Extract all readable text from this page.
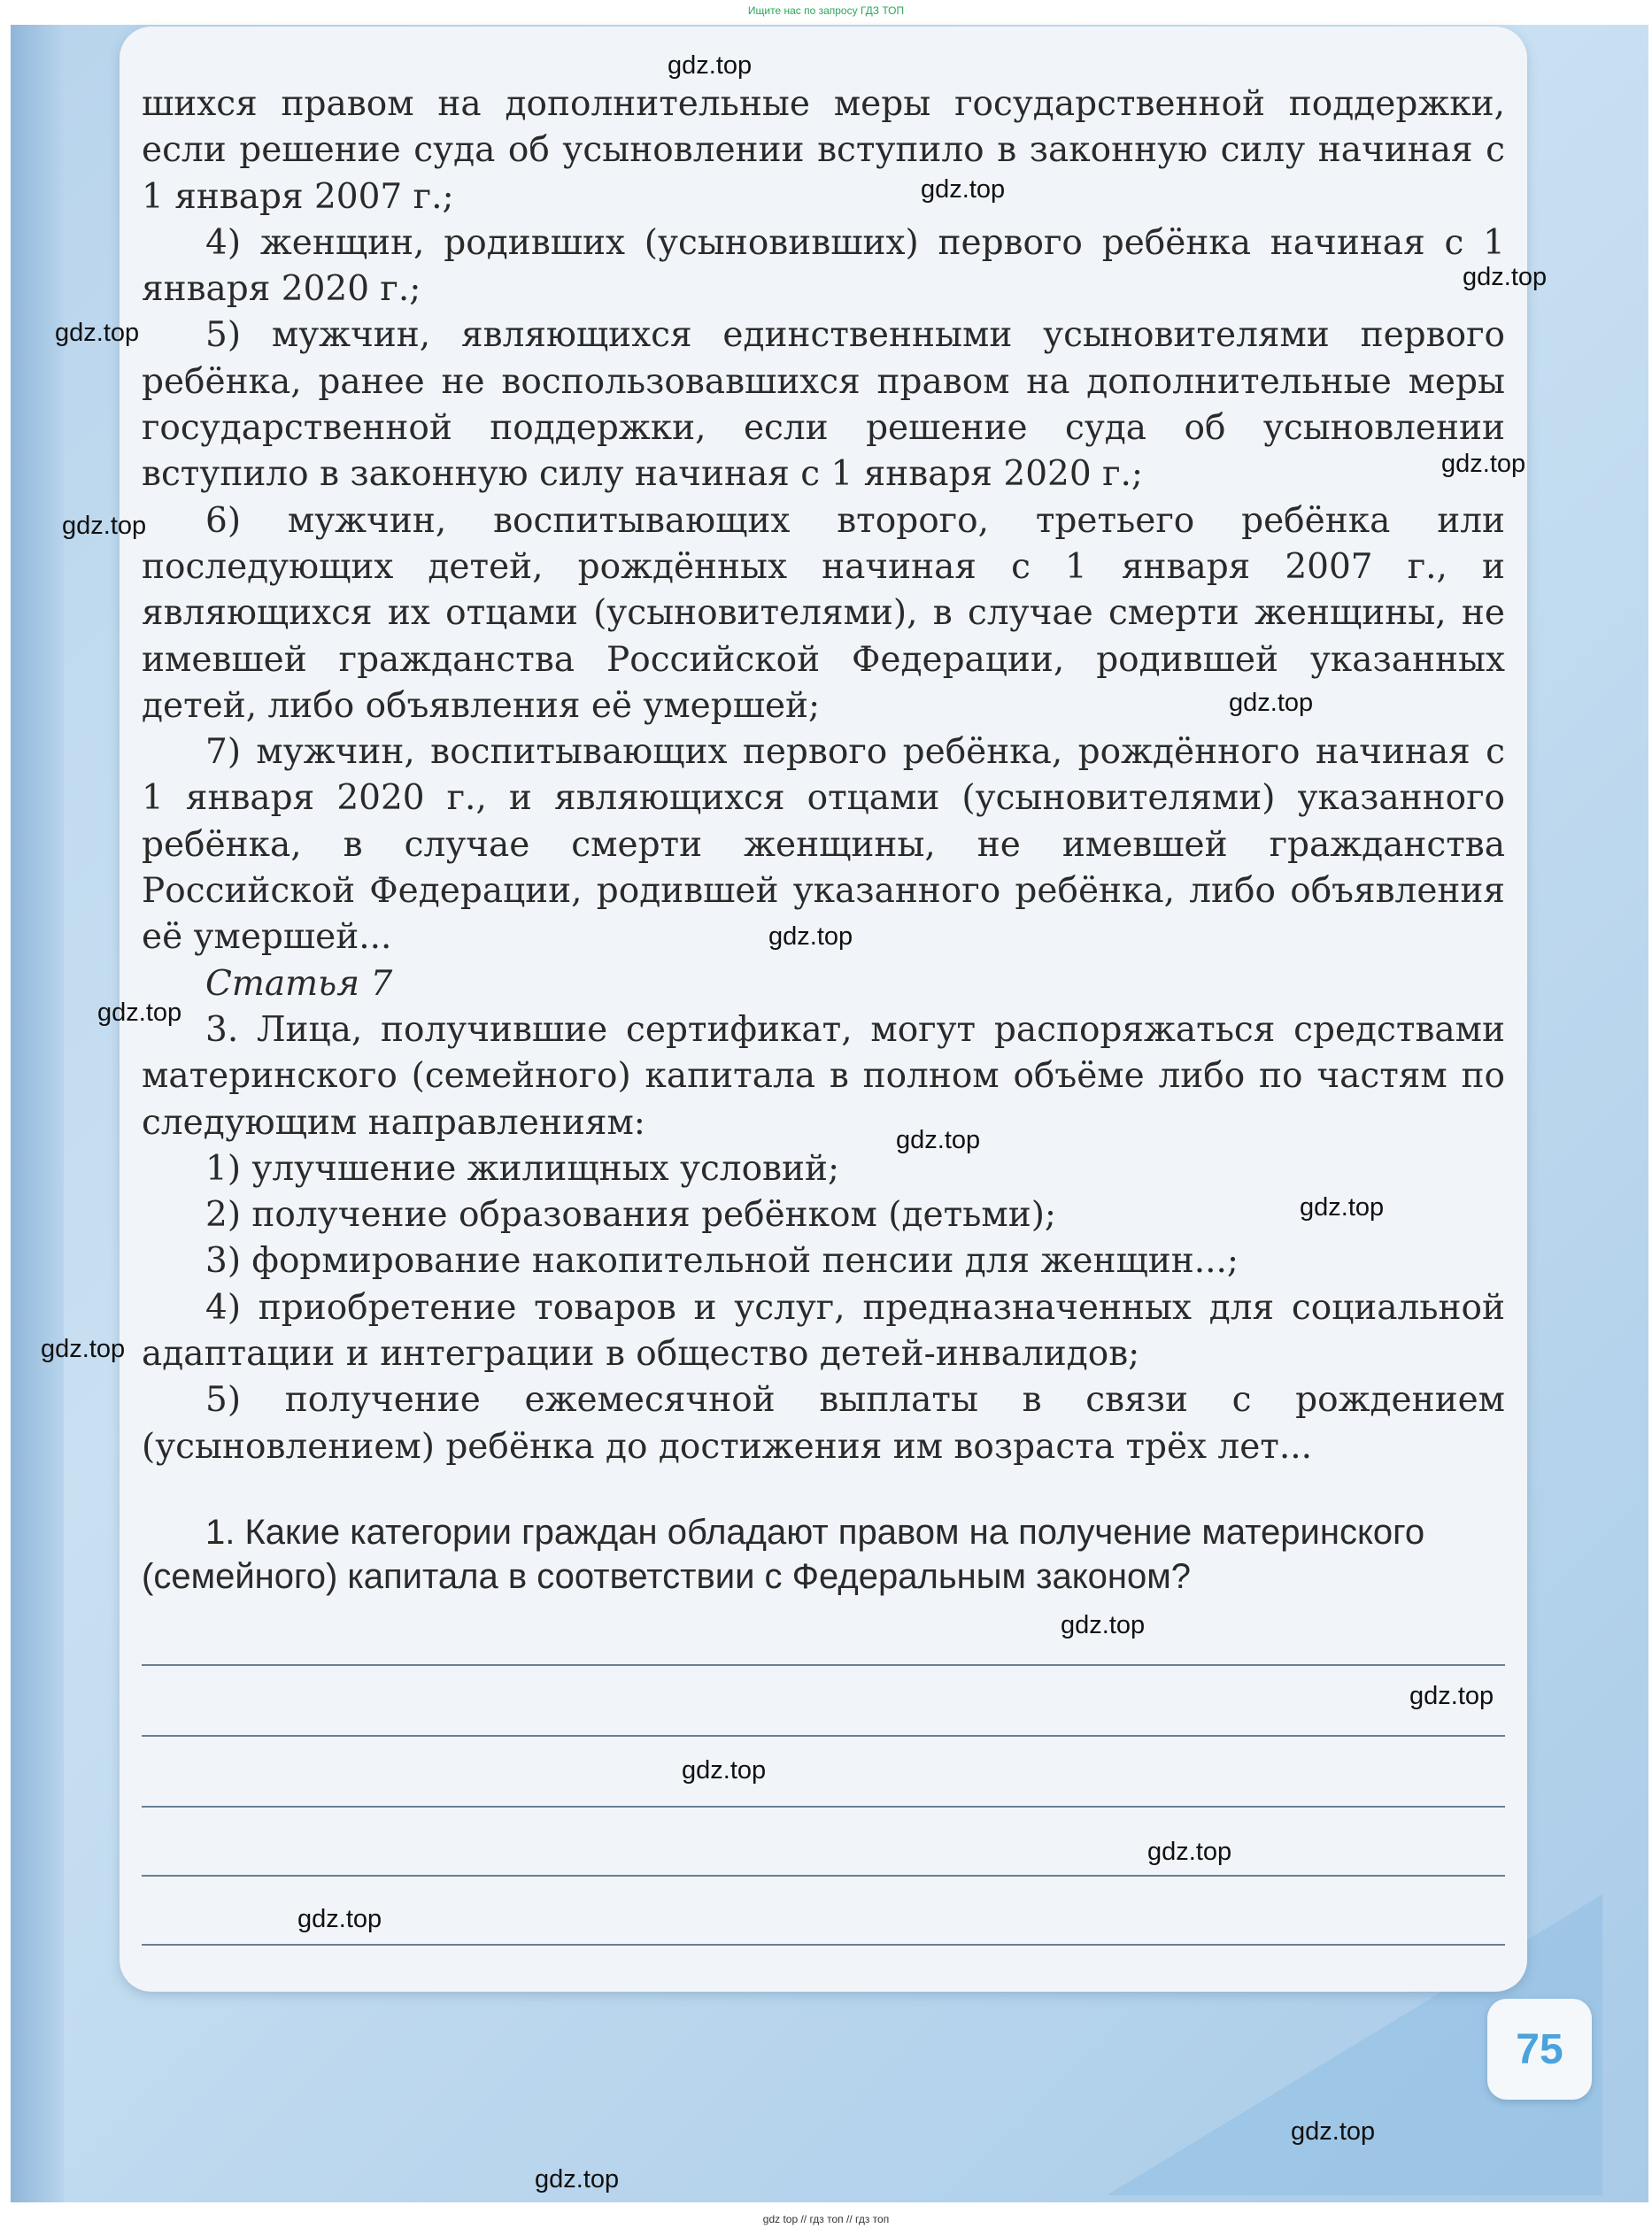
Ищите нас по запросу ГДЗ ТОП

шихся правом на дополнительные меры государственной поддержки, если решение суда об усыновлении вступило в законную силу начиная с 1 января 2007 г.;

4) женщин, родивших (усыновивших) первого ребёнка начиная с 1 января 2020 г.;

5) мужчин, являющихся единственными усыновителями первого ребёнка, ранее не воспользовавшихся правом на дополнительные меры государственной поддержки, если решение суда об усыновлении вступило в законную силу начиная с 1 января 2020 г.;

6) мужчин, воспитывающих второго, третьего ребёнка или последующих детей, рождённых начиная с 1 января 2007 г., и являющихся их отцами (усыновителями), в случае смерти женщины, не имевшей гражданства Российской Федерации, родившей указанных детей, либо объявления её умершей;

7) мужчин, воспитывающих первого ребёнка, рождённого начиная с 1 января 2020 г., и являющихся отцами (усыновителями) указанного ребёнка, в случае смерти женщины, не имевшей гражданства Российской Федерации, родившей указанного ребёнка, либо объявления её умершей...

Статья 7

3. Лица, получившие сертификат, могут распоряжаться средствами материнского (семейного) капитала в полном объёме либо по частям по следующим направлениям:

1) улучшение жилищных условий;

2) получение образования ребёнком (детьми);

3) формирование накопительной пенсии для женщин...;

4) приобретение товаров и услуг, предназначенных для социальной адаптации и интеграции в общество детей-инвалидов;

5) получение ежемесячной выплаты в связи с рождением (усыновлением) ребёнка до достижения им возраста трёх лет...

1. Какие категории граждан обладают правом на получение материнского (семейного) капитала в соответствии с Федеральным законом?

75
gdz.top
gdz.top
gdz.top
gdz.top
gdz.top
gdz.top
gdz.top
gdz.top
gdz.top
gdz.top
gdz.top
gdz.top
gdz.top
gdz.top
gdz.top
gdz.top
gdz.top
gdz.top
gdz.top
gdz top // гдз топ // гдз топ
